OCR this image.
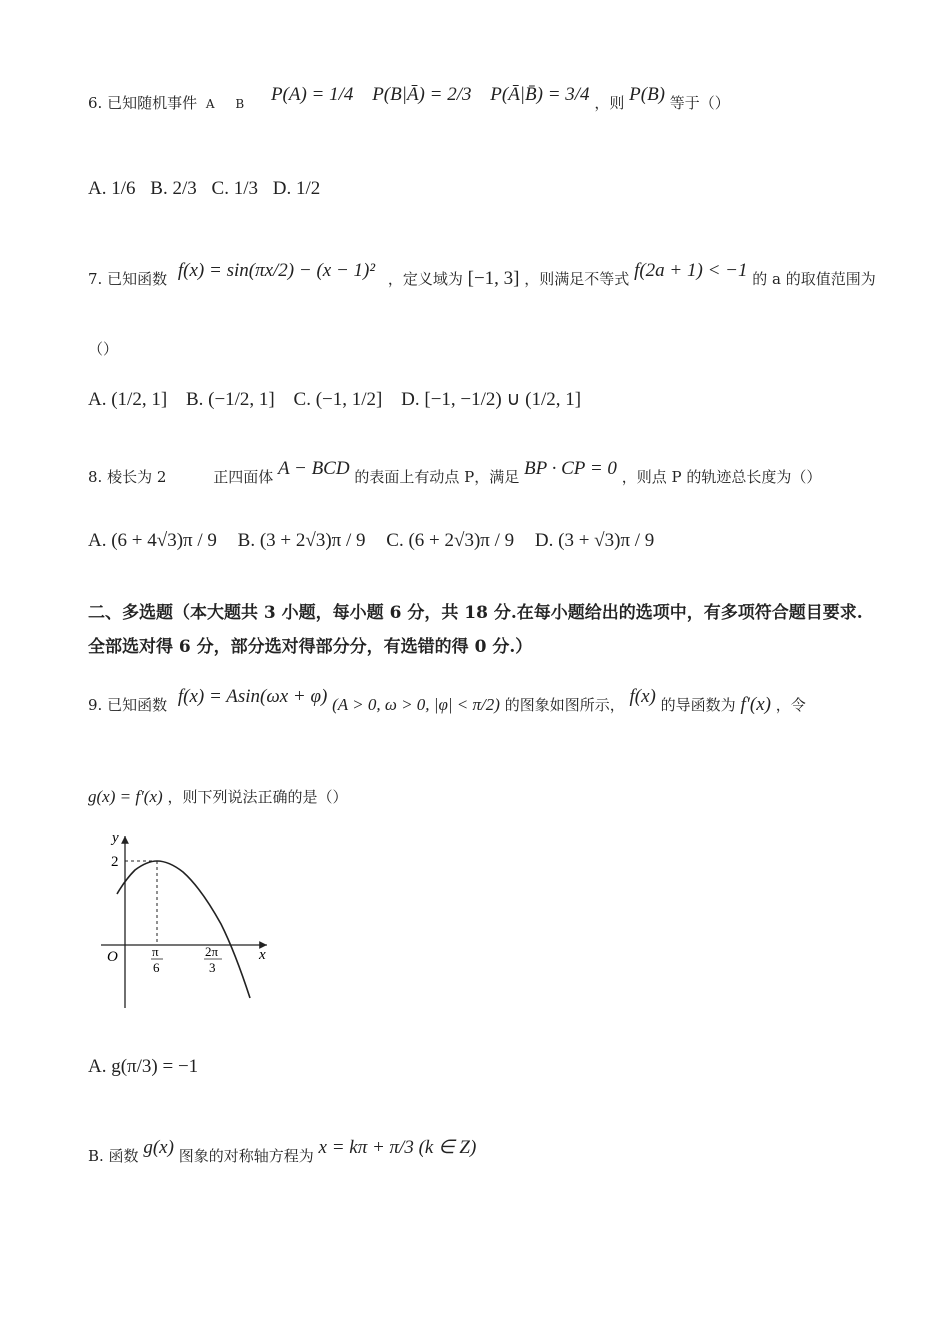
6. 已知随机事件 A B P(A) = 1/4 P(B|Ā) = 2/3 P(Ā|B̄) = 3/4 ，则 P(B) 等于（）
A. 1/6 B. 2/3 C. 1/3 D. 1/2
7. 已知函数 f(x) = sin(πx/2) − (x − 1)² ，定义域为 [−1, 3] ，则满足不等式 f(2a + 1) < −1 的 a 的取值范围为
（）
A. (1/2, 1] B. (−1/2, 1] C. (−1, 1/2] D. [−1, −1/2) ∪ (1/2, 1]
8. 棱长为 2	正四面体 A − BCD 的表面上有动点 P，满足 BP · CP = 0 ，则点 P 的轨迹总长度为（）
A. (6 + 4√3)π / 9 B. (3 + 2√3)π / 9 C. (6 + 2√3)π / 9 D. (3 + √3)π / 9
二、多选题（本大题共 3 小题，每小题 6 分，共 18 分.在每小题给出的选项中，有多项符合题目要求.全部选对得 6 分，部分选对得部分分，有选错的得 0 分.）
9. 已知函数 f(x) = Asin(ωx + φ) (A > 0, ω > 0, |φ| < π/2) 的图象如图所示， f(x) 的导函数为 f′(x) ，令
g(x) = f′(x) ，则下列说法正确的是（）
y
x
O
2
π
6
2π
3
A. g(π/3) = −1
B. 函数 g(x) 图象的对称轴方程为 x = kπ + π/3 (k ∈ Z)
